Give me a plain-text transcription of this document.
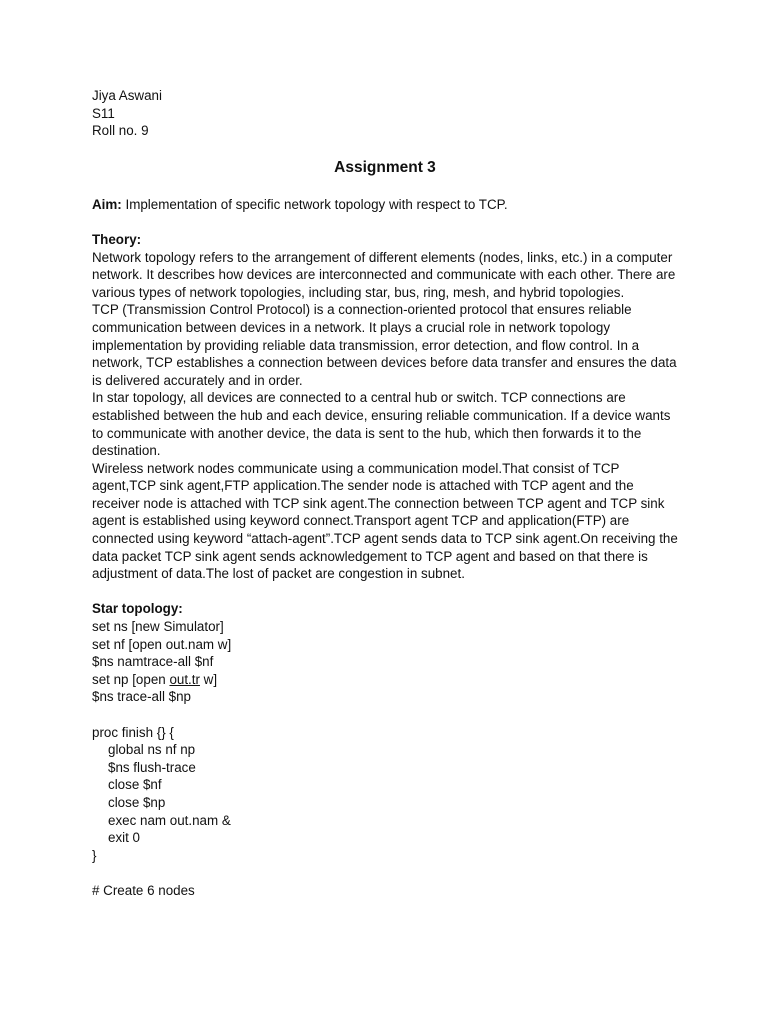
Jiya Aswani
S11
Roll no. 9
Assignment 3
Aim: Implementation of specific network topology with respect to TCP.
Theory:
Network topology refers to the arrangement of different elements (nodes, links, etc.) in a computer network. It describes how devices are interconnected and communicate with each other. There are various types of network topologies, including star, bus, ring, mesh, and hybrid topologies.
TCP (Transmission Control Protocol) is a connection-oriented protocol that ensures reliable communication between devices in a network. It plays a crucial role in network topology implementation by providing reliable data transmission, error detection, and flow control. In a network, TCP establishes a connection between devices before data transfer and ensures the data is delivered accurately and in order.
In star topology, all devices are connected to a central hub or switch. TCP connections are established between the hub and each device, ensuring reliable communication. If a device wants to communicate with another device, the data is sent to the hub, which then forwards it to the destination.
Wireless network nodes communicate using a communication model.That consist of TCP agent,TCP sink agent,FTP application.The sender node is attached with TCP agent and the receiver node is attached with TCP sink agent.The connection between TCP agent and TCP sink agent is established using keyword connect.Transport agent TCP and application(FTP) are connected using keyword “attach-agent”.TCP agent sends data to TCP sink agent.On receiving the data packet TCP sink agent sends acknowledgement to TCP agent and based on that there is adjustment of data.The lost of packet are congestion in subnet.
Star topology:
set ns [new Simulator]
set nf [open out.nam w]
$ns namtrace-all $nf
set np [open out.tr w]
$ns trace-all $np
proc finish {} {
global ns nf np
$ns flush-trace
close $nf
close $np
exec nam out.nam &
exit 0
}
# Create 6 nodes
